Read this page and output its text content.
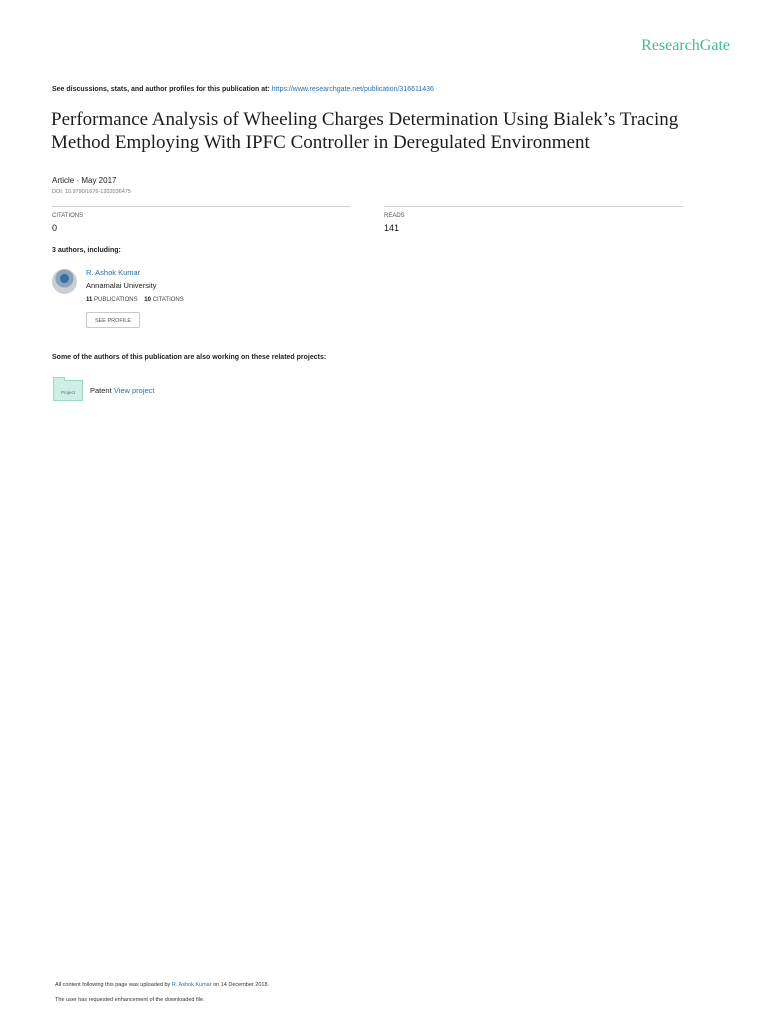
ResearchGate
See discussions, stats, and author profiles for this publication at: https://www.researchgate.net/publication/316611436
Performance Analysis of Wheeling Charges Determination Using Bialek’s Tracing Method Employing With IPFC Controller in Deregulated Environment
Article · May 2017
DOI: 10.9790/1676-1202036475
CITATIONS
0
READS
141
3 authors, including:
R. Ashok Kumar
Annamalai University
11 PUBLICATIONS 10 CITATIONS
SEE PROFILE
Some of the authors of this publication are also working on these related projects:
Project	Patent View project
All content following this page was uploaded by R. Ashok Kumar on 14 December 2018.
The user has requested enhancement of the downloaded file.
